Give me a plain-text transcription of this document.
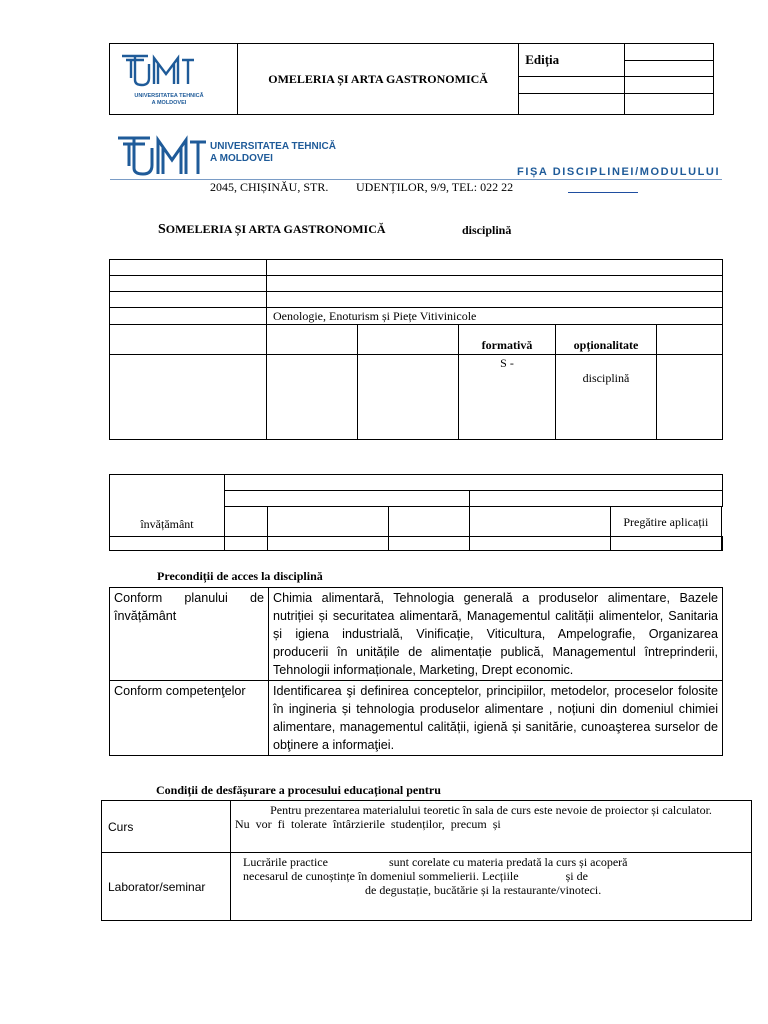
UNIVERSITATEA TEHNICĂ
A MOLDOVEI	OMELERIA ȘI ARTA GASTRONOMICĂ	Ediția	

UNIVERSITATEA TEHNICĂ
A MOLDOVEI
FIȘA DISCIPLINEI/MODULULUI
2045, CHIȘINĂU, STR. UDENȚILOR, 9/9, TEL: 022 22
SOMELERIA ȘI ARTA GASTRONOMICĂ	disciplină

	Oenologie, Enoturism și Piețe Vitivinicole				
			formativă	opționalitate	
			S -	disciplină	
învățământ						

					Pregătire aplicații	

Precondiții de acces la disciplină
Conform planului de învățământ	Chimia alimentară, Tehnologia generală a produselor alimentare, Bazele nutriției și securitatea alimentară, Managementul calității alimentelor, Sanitaria și igiena industrială, Vinificație, Viticultura, Ampelografie, Organizarea producerii în unitățile de alimentație publică, Managementul întreprinderii, Tehnologii informaționale, Marketing, Drept economic.
Conform competenţelor	Identificarea şi definirea conceptelor, principiilor, metodelor, proceselor folosite în ingineria și tehnologia produselor alimentare , noțiuni din domeniul chimiei alimentare, managementul calității, igienă și sanitărie, cunoaşterea surselor de obţinere a informaţiei.
Condiții de desfășurare a procesului educațional pentru
Curs	Pentru prezentarea materialului teoretic în sala de curs este nevoie de proiector și calculator.
Nu vor fi tolerate întârzierile studenților, precum și

Laborator/seminar	Lucrările practice sunt corelate cu materia predată la curs și acoperă
necesarul de cunoștințe în domeniul sommelierii. Lecțiile și de
de degustație, bucătărie și la restaurante/vinoteci.
